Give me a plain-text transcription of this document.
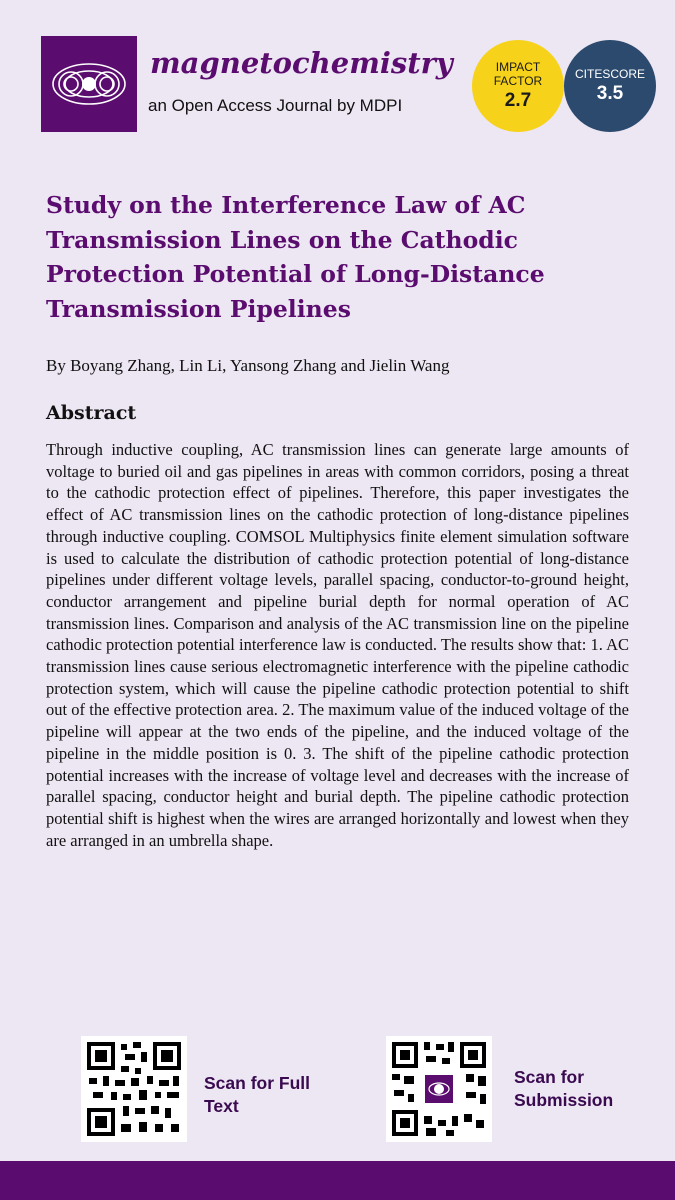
magnetochemistry
an Open Access Journal by MDPI
IMPACT
FACTOR
2.7
CITESCORE
3.5
Study on the Interference Law of AC Transmission Lines on the Cathodic Protection Potential of Long-Distance Transmission Pipelines
By Boyang Zhang, Lin Li, Yansong Zhang and Jielin Wang
Abstract

Through inductive coupling, AC transmission lines can generate large amounts of voltage to buried oil and gas pipelines in areas with common corridors, posing a threat to the cathodic protection effect of pipelines. Therefore, this paper investigates the effect of AC transmission lines on the cathodic protection of long-distance pipelines through inductive coupling. COMSOL Multiphysics finite element simulation software is used to calculate the distribution of cathodic protection potential of long-distance pipelines under different voltage levels, parallel spacing, conductor-to-ground height, conductor arrangement and pipeline burial depth for normal operation of AC transmission lines. Comparison and analysis of the AC transmission line on the pipeline cathodic protection potential interference law is conducted. The results show that: 1. AC transmission lines cause serious electromagnetic interference with the pipeline cathodic protection system, which will cause the pipeline cathodic protection potential to shift out of the effective protection area. 2. The maximum value of the induced voltage of the pipeline will appear at the two ends of the pipeline, and the induced voltage of the pipeline in the middle position is 0. 3. The shift of the pipeline cathodic protection potential increases with the increase of voltage level and decreases with the increase of parallel spacing, conductor height and burial depth. The pipeline cathodic protection potential shift is highest when the wires are arranged horizontally and lowest when they are arranged in an umbrella shape.

Scan for Full Text
Scan for Submission
